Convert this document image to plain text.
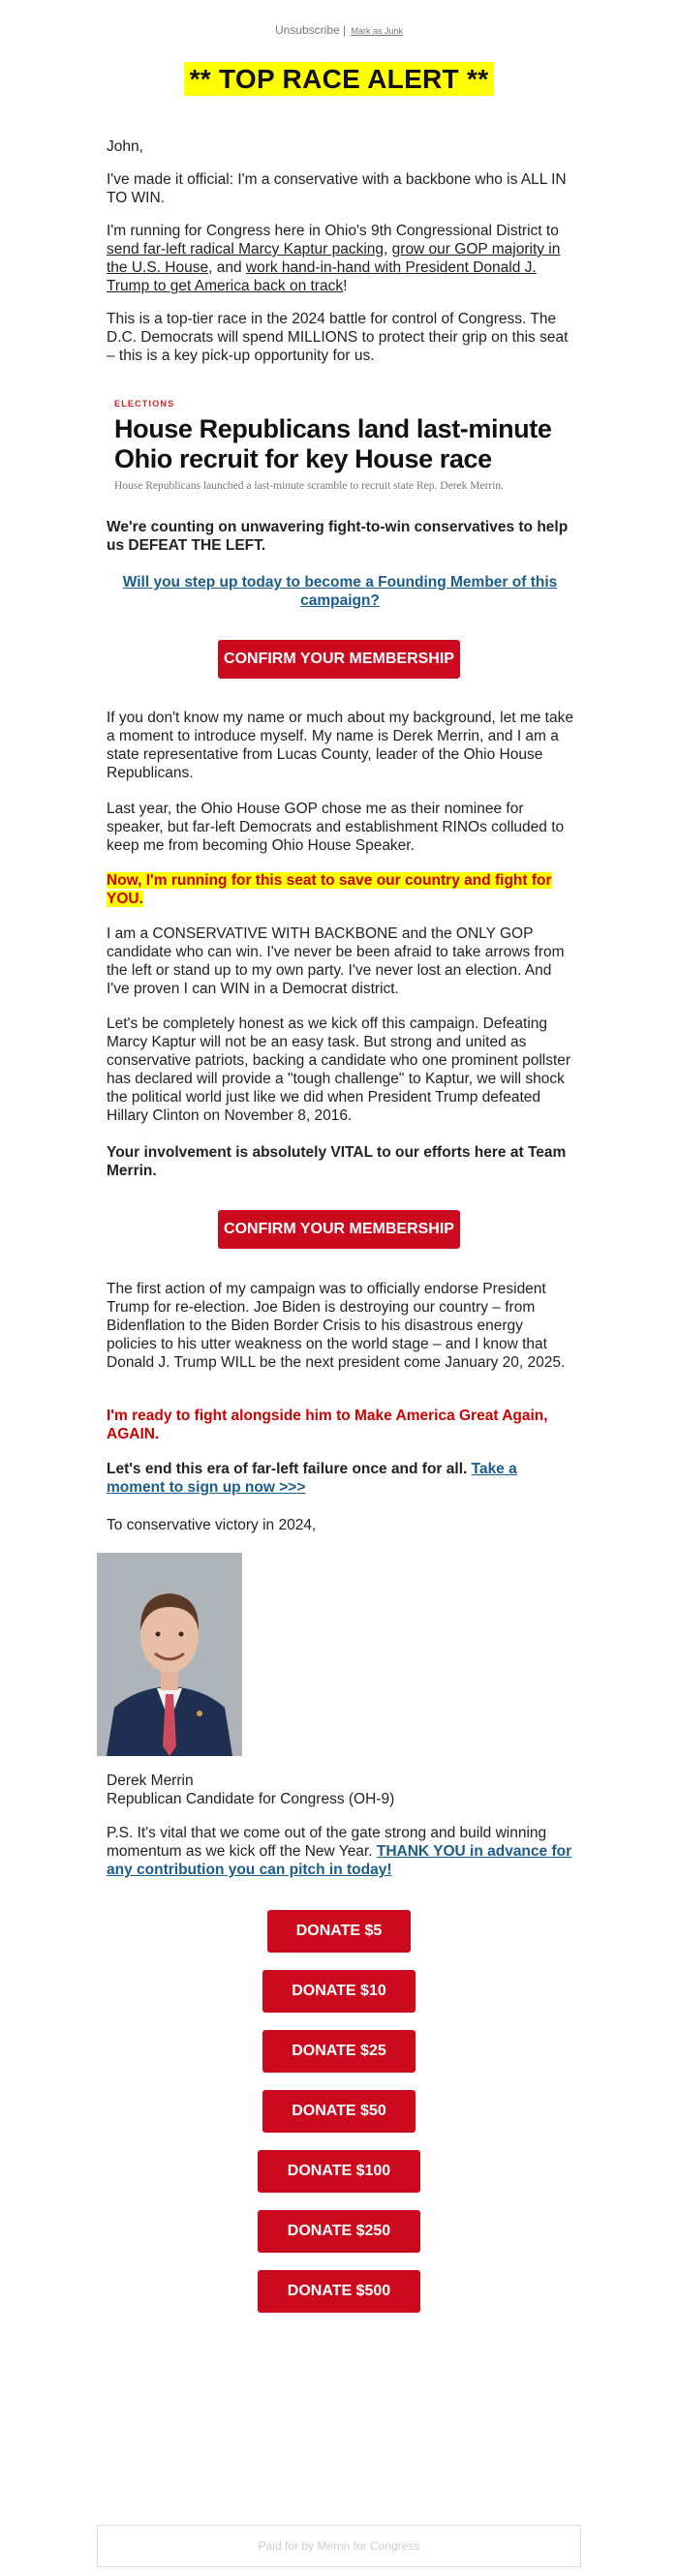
Unsubscribe | Mark as Junk
** TOP RACE ALERT **

John,

I've made it official: I'm a conservative with a backbone who is ALL IN TO WIN.

I'm running for Congress here in Ohio's 9th Congressional District to send far-left radical Marcy Kaptur packing, grow our GOP majority in the U.S. House, and work hand-in-hand with President Donald J. Trump to get America back on track!

This is a top-tier race in the 2024 battle for control of Congress. The D.C. Democrats will spend MILLIONS to protect their grip on this seat – this is a key pick-up opportunity for us.

ELECTIONS
House Republicans land last-minute Ohio recruit for key House race
House Republicans launched a last-minute scramble to recruit state Rep. Derek Merrin.

We're counting on unwavering fight-to-win conservatives to help us DEFEAT THE LEFT.

Will you step up today to become a Founding Member of this campaign?
CONFIRM YOUR MEMBERSHIP

If you don't know my name or much about my background, let me take a moment to introduce myself. My name is Derek Merrin, and I am a state representative from Lucas County, leader of the Ohio House Republicans.

Last year, the Ohio House GOP chose me as their nominee for speaker, but far-left Democrats and establishment RINOs colluded to keep me from becoming Ohio House Speaker.

Now, I'm running for this seat to save our country and fight for YOU.

I am a CONSERVATIVE WITH BACKBONE and the ONLY GOP candidate who can win. I've never be been afraid to take arrows from the left or stand up to my own party. I've never lost an election. And I've proven I can WIN in a Democrat district.

Let's be completely honest as we kick off this campaign. Defeating Marcy Kaptur will not be an easy task. But strong and united as conservative patriots, backing a candidate who one prominent pollster has declared will provide a "tough challenge" to Kaptur, we will shock the political world just like we did when President Trump defeated Hillary Clinton on November 8, 2016.

Your involvement is absolutely VITAL to our efforts here at Team Merrin.

CONFIRM YOUR MEMBERSHIP

The first action of my campaign was to officially endorse President Trump for re-election. Joe Biden is destroying our country – from Bidenflation to the Biden Border Crisis to his disastrous energy policies to his utter weakness on the world stage – and I know that Donald J. Trump WILL be the next president come January 20, 2025.

I'm ready to fight alongside him to Make America Great Again, AGAIN.

Let's end this era of far-left failure once and for all. Take a moment to sign up now >>>

To conservative victory in 2024,

Derek Merrin

Republican Candidate for Congress (OH-9)

P.S. It's vital that we come out of the gate strong and build winning momentum as we kick off the New Year. THANK YOU in advance for any contribution you can pitch in today!

DONATE $5
DONATE $10
DONATE $25
DONATE $50
DONATE $100
DONATE $250
DONATE $500
Paid for by Merrin for Congress
